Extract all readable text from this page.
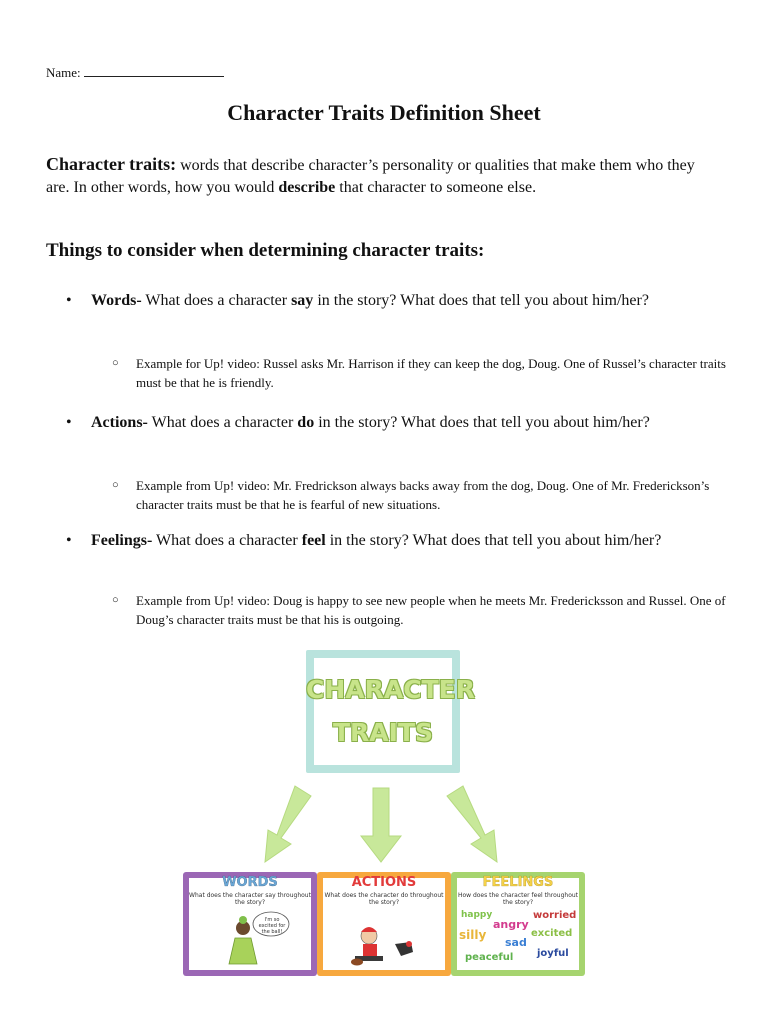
Name:
Character Traits Definition Sheet
Character traits: words that describe character’s personality or qualities that make them who they are. In other words, how you would describe that character to someone else.
Things to consider when determining character traits:
• Words- What does a character say in the story? What does that tell you about him/her?
○ Example for Up! video: Russel asks Mr. Harrison if they can keep the dog, Doug. One of Russel’s character traits must be that he is friendly.
• Actions- What does a character do in the story? What does that tell you about him/her?
○ Example from Up! video: Mr. Fredrickson always backs away from the dog, Doug. One of Mr. Frederickson’s character traits must be that he is fearful of new situations.
• Feelings- What does a character feel in the story? What does that tell you about him/her?
○ Example from Up! video: Doug is happy to see new people when he meets Mr. Fredericksson and Russel. One of Doug’s character traits must be that his is outgoing.
CHARACTER
TRAITS
WORDS
What does the character say throughout the story?
I'm so excited for the ball!
ACTIONS
What does the character do throughout the story?
FEELINGS
How does the character feel throughout the story?
happy
angry
worried
silly
sad
excited
peaceful joyful
